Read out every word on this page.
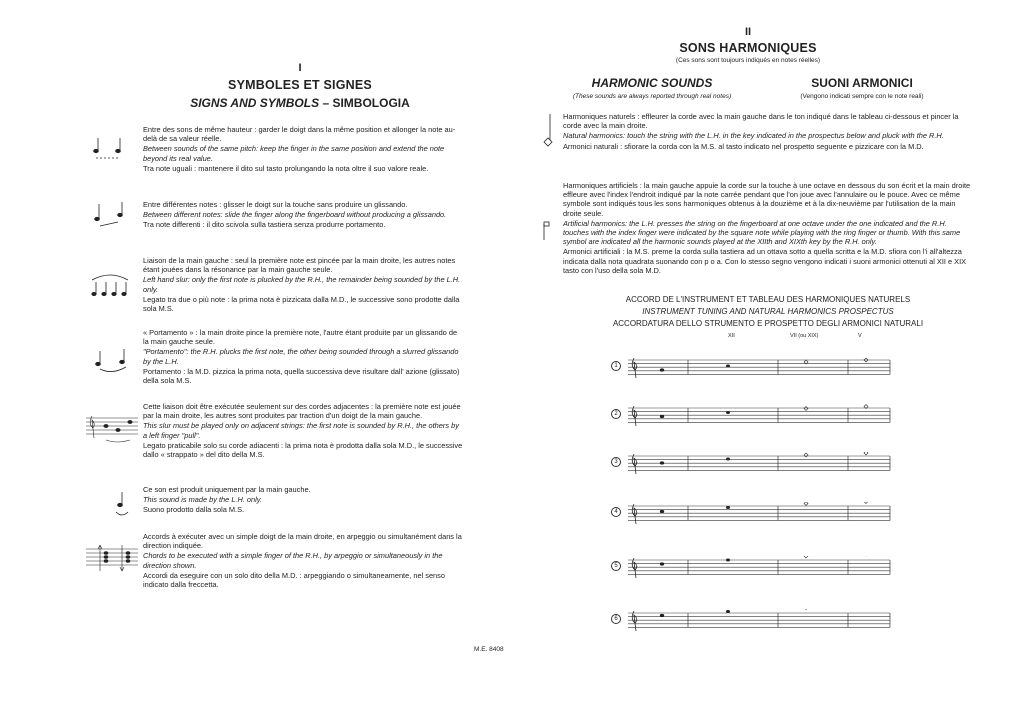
I
SYMBOLES ET SIGNES
SIGNS AND SYMBOLS – SIMBOLOGIA

Entre des sons de même hauteur : garder le doigt dans la même position et allonger la note au-delà de sa valeur réelle.

Between sounds of the same pitch: keep the finger in the same position and extend the note beyond its real value.

Tra note uguali : mantenere il dito sul tasto prolungando la nota oltre il suo valore reale.

Entre différentes notes : glisser le doigt sur la touche sans produire un glissando.

Between different notes: slide the finger along the fingerboard without producing a glissando.

Tra note differenti : il dito scivola sulla tastiera senza produrre portamento.

Liaison de la main gauche : seul la première note est pincée par la main droite, les autres notes étant jouées dans la résonance par la main gauche seule.

Left hand slur: only the first note is plucked by the R.H., the remainder being sounded by the L.H. only.

Legato tra due o più note : la prima nota è pizzicata dalla M.D., le successive sono prodotte dalla sola M.S.

« Portamento » : la main droite pince la première note, l'autre étant produite par un glissando de la main gauche seule.

"Portamento": the R.H. plucks the first note, the other being sounded through a slurred glissando by the L.H.

Portamento : la M.D. pizzica la prima nota, quella successiva deve risultare dall' azione (glissato) della sola M.S.

Cette liaison doit être exécutée seulement sur des cordes adjacentes : la première note est jouée par la main droite, les autres sont produites par traction d'un doigt de la main gauche.

This slur must be played only on adjacent strings: the first note is sounded by R.H., the others by a left finger "pull".

Legato praticabile solo su corde adiacenti : la prima nota è prodotta dalla sola M.D., le successive dallo « strappato » del dito della M.S.

Ce son est produit uniquement par la main gauche.

This sound is made by the L.H. only.

Suono prodotto dalla sola M.S.

Accords à exécuter avec un simple doigt de la main droite, en arpeggio ou simultanément dans la direction indiquée.

Chords to be executed with a simple finger of the R.H., by arpeggio or simultaneously in the direction shown.

Accordi da eseguire con un solo dito della M.D. : arpeggiando o simultaneamente, nel senso indicato dalla freccetta.

M.E. 8408
II
SONS HARMONIQUES
(Ces sons sont toujours indiqués en notes réelles)
HARMONIC SOUNDS
(These sounds are always reported through real notes)
SUONI ARMONICI
(Vengono indicati sempre con le note reali)

Harmoniques naturels : effleurer la corde avec la main gauche dans le ton indiqué dans le tableau ci-dessous et pincer la corde avec la main droite.

Natural harmonics: touch the string with the L.H. in the key indicated in the prospectus below and pluck with the R.H.

Armonici naturali : sfiorare la corda con la M.S. al tasto indicato nel prospetto seguente e pizzicare con la M.D.

Harmoniques artificiels : la main gauche appuie la corde sur la touche à une octave en dessous du son écrit et la main droite effleure avec l'index l'endroit indiqué par la note carrée pendant que l'on joue avec l'annulaire ou le pouce. Avec ce même symbole sont indiqués tous les sons harmoniques obtenus à la douzième et à la dix-neuvième par l'utilisation de la main droite seule.

Artificial harmonics: the L.H. presses the string on the fingerboard at one octave under the one indicated and the R.H. touches with the index finger were indicated by the square note while playing with the ring finger or thumb. With this same symbol are indicated all the harmonic sounds played at the XIIth and XIXth key by the R.H. only.

Armonici artificiali : la M.S. preme la corda sulla tastiera ad un ottava sotto a quella scritta e la M.D. sfiora con l'i all'altezza indicata dalla nota quadrata suonando con p o a. Con lo stesso segno vengono indicati i suoni armonici ottenuti al XII e XIX tasto con l'uso della sola M.D.

ACCORD DE L'INSTRUMENT ET TABLEAU DES HARMONIQUES NATURELS
INSTRUMENT TUNING AND NATURAL HARMONICS PROSPECTUS
ACCORDATURA DELLO STRUMENTO E PROSPETTO DEGLI ARMONICI NATURALI
XII	VII (ou XIX)	V
1
2
3
4
5
6
